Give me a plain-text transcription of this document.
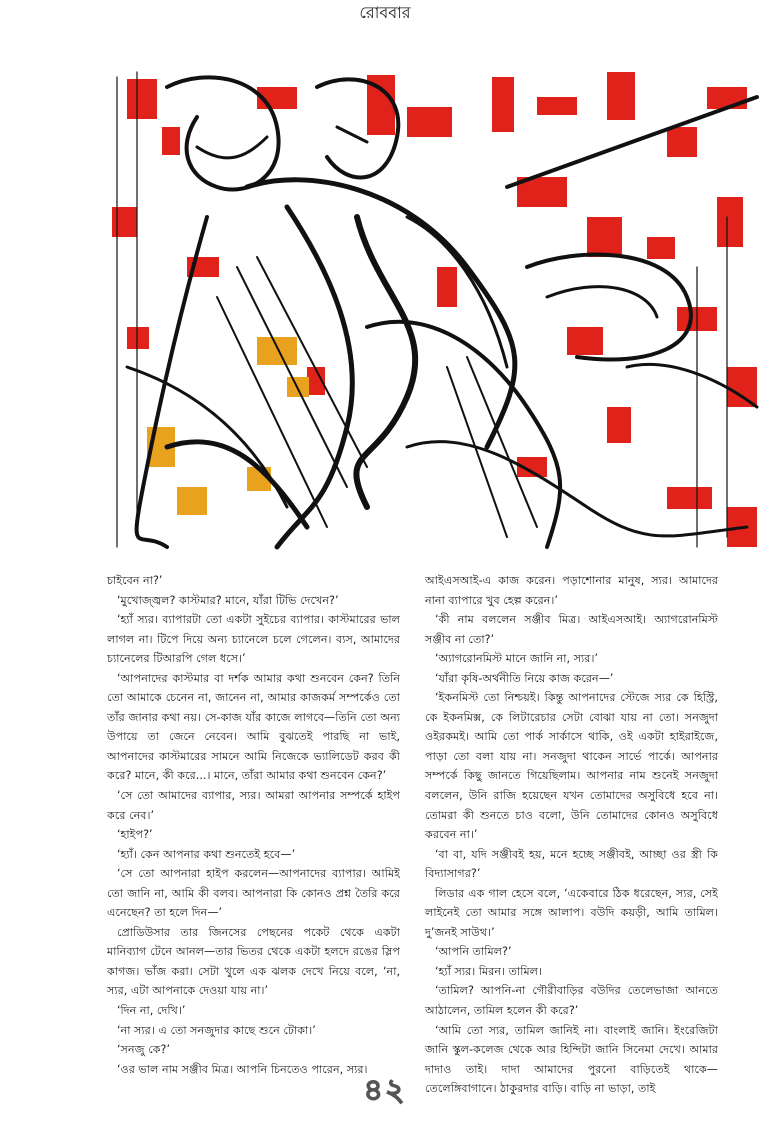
চাইবেন না?’

‘মুখোজ্জ্বল? কাস্টমার? মানে, যাঁরা টিভি দেখেন?’

‘হ্যাঁ স্যর। ব্যাপারটা তো একটা সুইচের ব্যাপার। কাস্টমারের ভাল লাগল না। টিপে দিয়ে অন্য চ্যানেলে চলে গেলেন। ব্যস, আমাদের চ্যানেলের টিআরপি গেল ধসে।’

‘আপনাদের কাস্টমার বা দর্শক আমার কথা শুনবেন কেন? তিনি তো আমাকে চেনেন না, জানেন না, আমার কাজকর্ম সম্পর্কেও তো তাঁর জানার কথা নয়। সে-কাজ যাঁর কাজে লাগবে—তিনি তো অন্য উপায়ে তা জেনে নেবেন। আমি বুঝতেই পারছি না ভাই, আপনাদের কাস্টমারের সামনে আমি নিজেকে ভ্যালিডেট করব কী করে? মানে, কী করে...। মানে, তাঁরা আমার কথা শুনবেন কেন?’

‘সে তো আমাদের ব্যাপার, স্যর। আমরা আপনার সম্পর্কে হাইপ করে নেব।’

‘হাইপ?’

‘হ্যাঁ। কেন আপনার কথা শুনতেই হবে—’

‘সে তো আপনারা হাইপ করলেন—আপনাদের ব্যাপার। আমিই তো জানি না, আমি কী বলব। আপনারা কি কোনও প্রশ্ন তৈরি করে এনেছেন? তা হলে দিন—’

প্রোডিউসার তার জিনসের পেছনের পকেট থেকে একটা মানিব্যাগ টেনে আনল—তার ভিতর থেকে একটা হলদে রঙের স্লিপ কাগজ। ভাঁজ করা। সেটা খুলে এক ঝলক দেখে নিয়ে বলে, ‘না, স্যর, এটা আপনাকে দেওয়া যায় না।’

‘দিন না, দেখি।’

‘না স্যর। এ তো সনজুদার কাছে শুনে টোকা।’

‘সনজু কে?’

‘ওর ভাল নাম সঞ্জীব মিত্র। আপনি চিনতেও পারেন, স্যর।

আইএসআই-এ কাজ করেন। পড়াশোনার মানুষ, স্যর। আমাদের নানা ব্যাপারে খুব হেল্প করেন।’

‘কী নাম বললেন সঞ্জীব মিত্র। আইএসআই। অ্যাগরোনমিস্ট সঞ্জীব না তো?’

‘অ্যাগরোনমিস্ট মানে জানি না, স্যর।’

‘যাঁরা কৃষি-অর্থনীতি নিয়ে কাজ করেন—’

‘ইকনমিস্ট তো নিশ্চয়ই। কিন্তু আপনাদের স্টেজে স্যর কে হিস্ট্রি, কে ইকনমিক্স, কে লিটারেচার সেটা বোঝা যায় না তো। সনজুদা ওইরকমই। আমি তো পার্ক সার্কাসে থাকি, ওই একটা হাইরাইজে, পাড়া তো বলা যায় না। সনজুদা থাকেন সার্ভে পার্কে। আপনার সম্পর্কে কিছু জানতে গিয়েছিলাম। আপনার নাম শুনেই সনজুদা বললেন, উনি রাজি হয়েছেন যখন তোমাদের অসুবিধে হবে না। তোমরা কী শুনতে চাও বলো, উনি তোমাদের কোনও অসুবিধে করবেন না।’

‘বা বা, যদি সঞ্জীবই হয়, মনে হচ্ছে সঞ্জীবই, আচ্ছা ওর স্ত্রী কি বিদ্যাসাগর?’

লিডার এক গাল হেসে বলে, ‘একেবারে ঠিক ধরেছেন, স্যর, সেই লাইনেই তো আমার সঙ্গে আলাপ। বউদি কয়ড়ী, আমি তামিল। দু’জনই সাউথ।’

‘আপনি তামিল?’

‘হ্যাঁ স্যর। মিরন। তামিল।

‘তামিল? আপনি-না গৌরীবাড়ির বউদির তেলেভাজা আনতে আঠালেন, তামিল হলেন কী করে?’

‘আমি তো স্যর, তামিল জানিই না। বাংলাই জানি। ইংরেজিটা জানি স্কুল-কলেজ থেকে আর হিন্দিটা জানি সিনেমা দেখে। আমার দাদাও তাই। দাদা আমাদের পুরনো বাড়িতেই থাকে—তেলেঙ্গিবাগানে। ঠাকুরদার বাড়ি। বাড়ি না ভাড়া, তাই

রোববার
৪২
